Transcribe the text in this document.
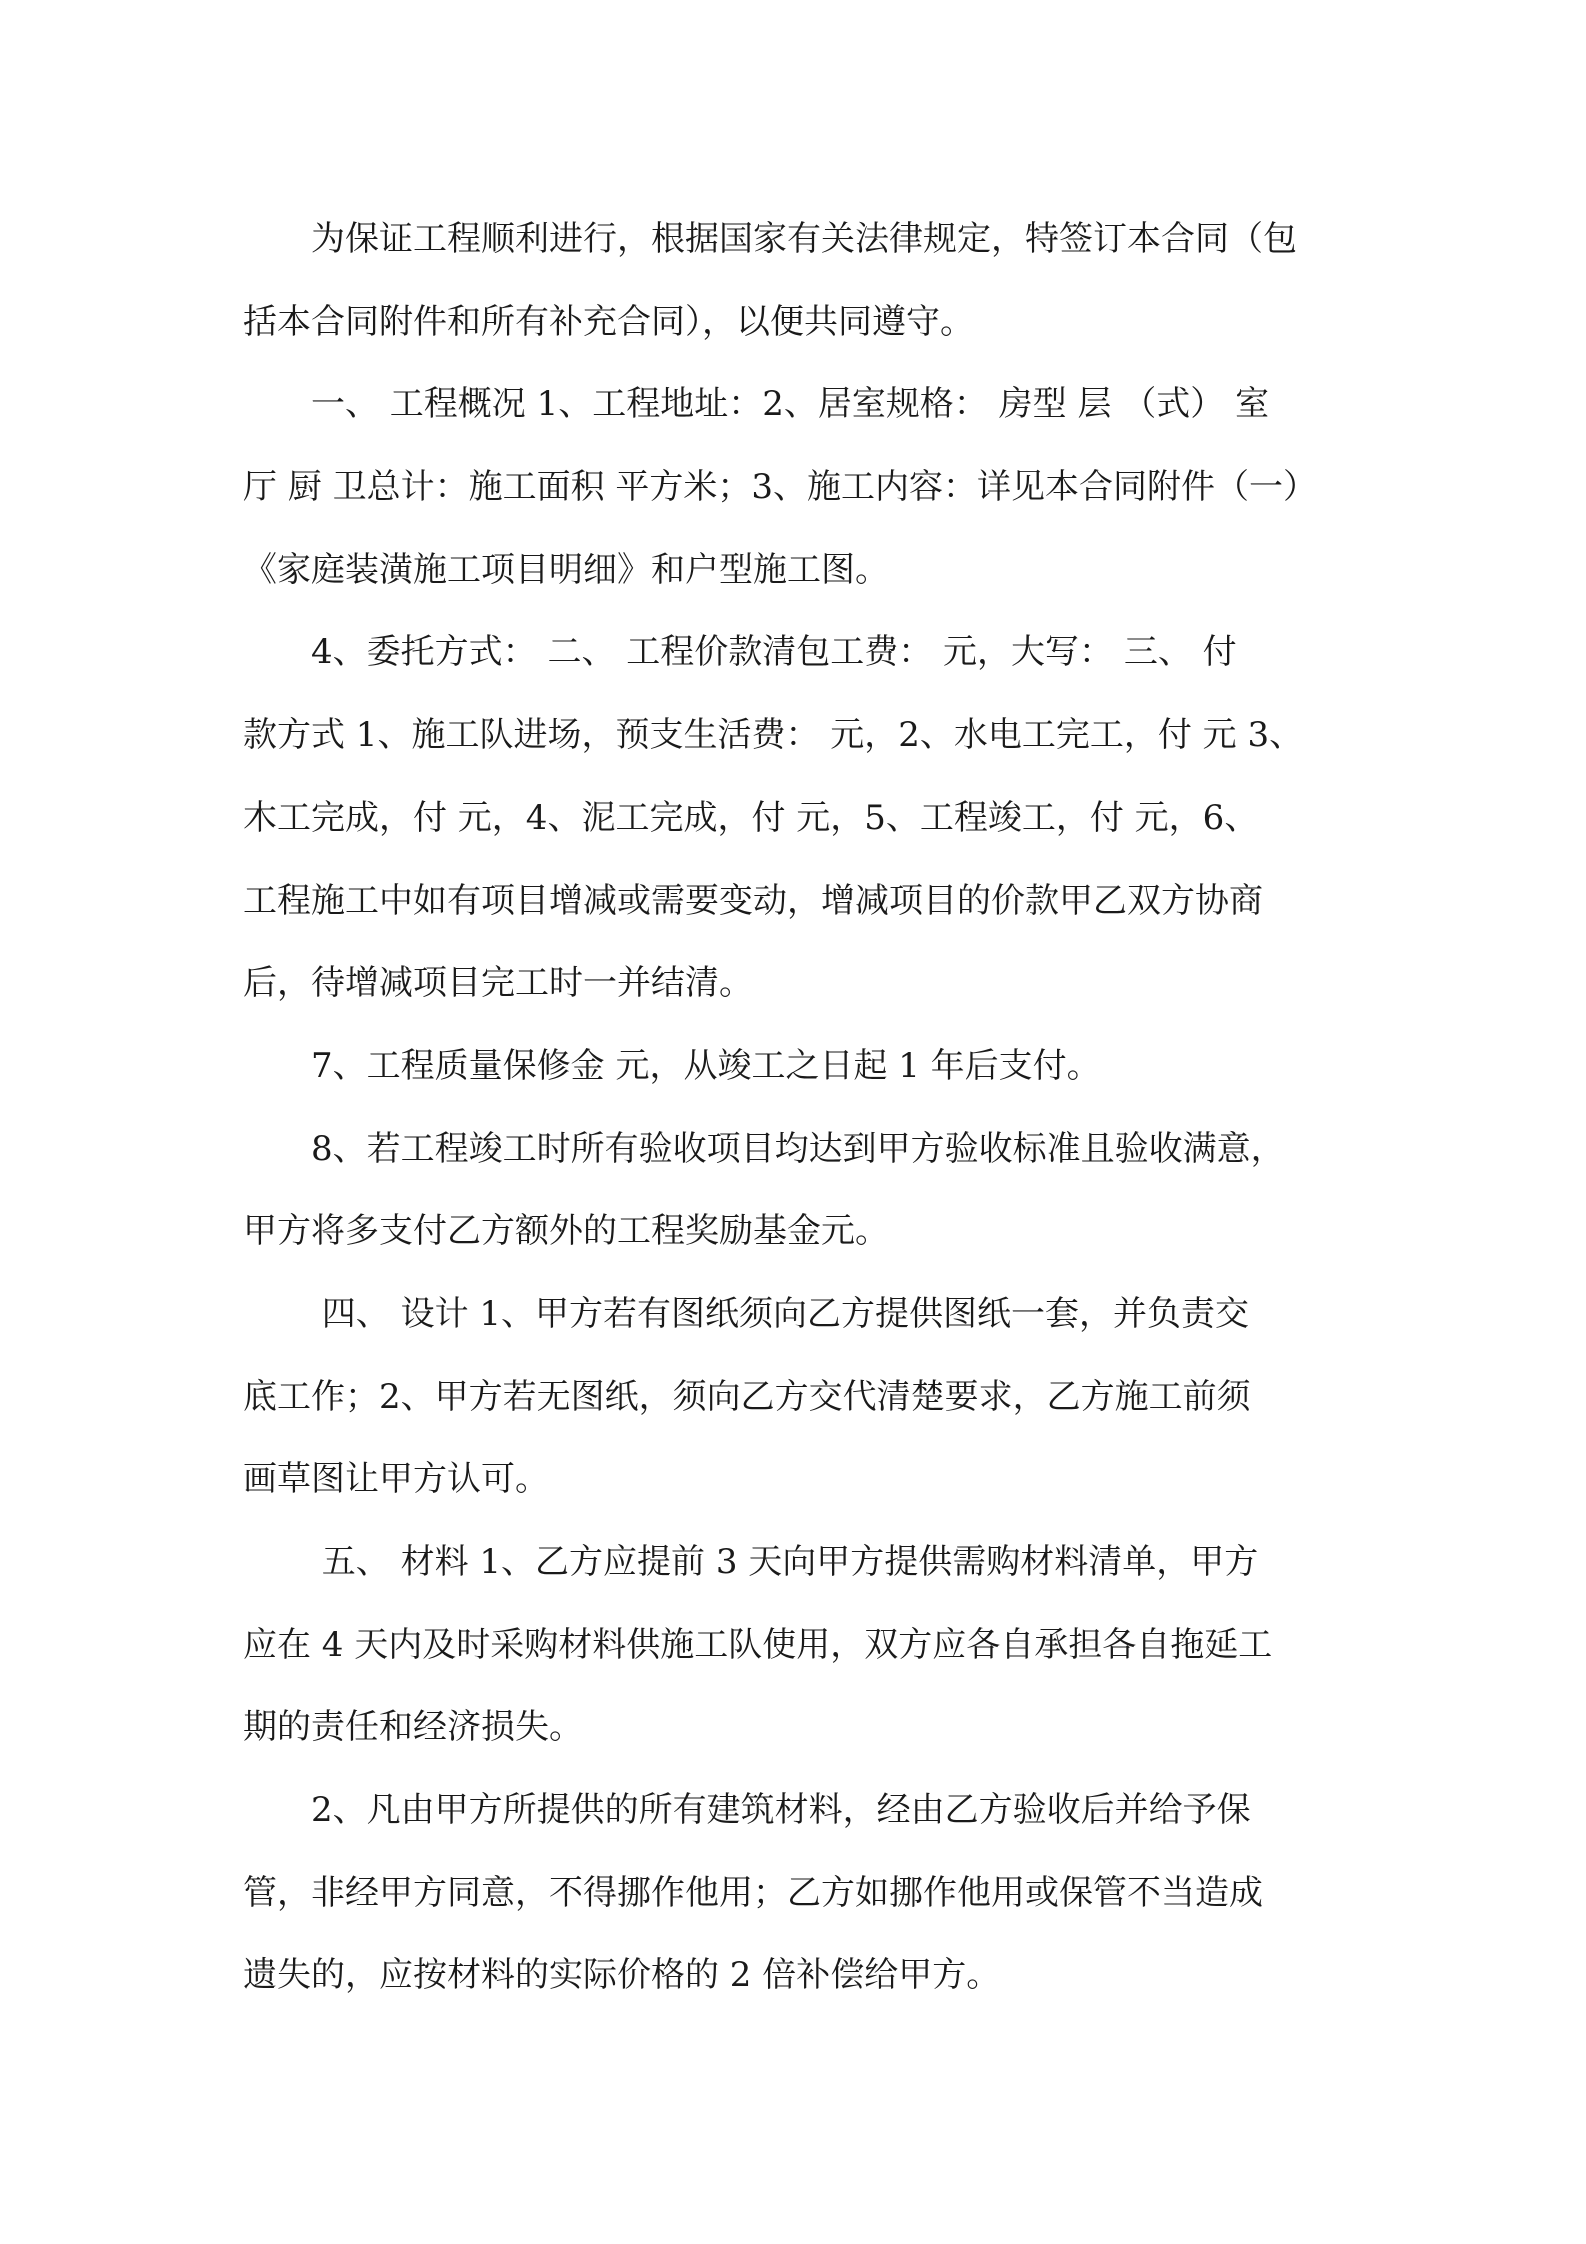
　　为保证工程顺利进行，根据国家有关法律规定，特签订本合同（包
括本合同附件和所有补充合同），以便共同遵守。
　　一、 工程概况 1、工程地址：2、居室规格： 房型 层 （式） 室
厅 厨 卫总计：施工面积 平方米；3、施工内容：详见本合同附件（一）
《家庭装潢施工项目明细》和户型施工图。
　　4、委托方式： 二、 工程价款清包工费： 元，大写： 三、 付
款方式 1、施工队进场，预支生活费： 元，2、水电工完工，付 元 3、
木工完成，付 元，4、泥工完成，付 元，5、工程竣工，付 元，6、
工程施工中如有项目增减或需要变动，增减项目的价款甲乙双方协商
后，待增减项目完工时一并结清。
　　7、工程质量保修金 元，从竣工之日起 1 年后支付。
　　8、若工程竣工时所有验收项目均达到甲方验收标准且验收满意，
甲方将多支付乙方额外的工程奖励基金元。
　　 四、 设计 1、甲方若有图纸须向乙方提供图纸一套，并负责交
底工作；2、甲方若无图纸，须向乙方交代清楚要求，乙方施工前须
画草图让甲方认可。
　　 五、 材料 1、乙方应提前 3 天向甲方提供需购材料清单，甲方
应在 4 天内及时采购材料供施工队使用，双方应各自承担各自拖延工
期的责任和经济损失。
　　2、凡由甲方所提供的所有建筑材料，经由乙方验收后并给予保
管，非经甲方同意，不得挪作他用；乙方如挪作他用或保管不当造成
遗失的，应按材料的实际价格的 2 倍补偿给甲方。
